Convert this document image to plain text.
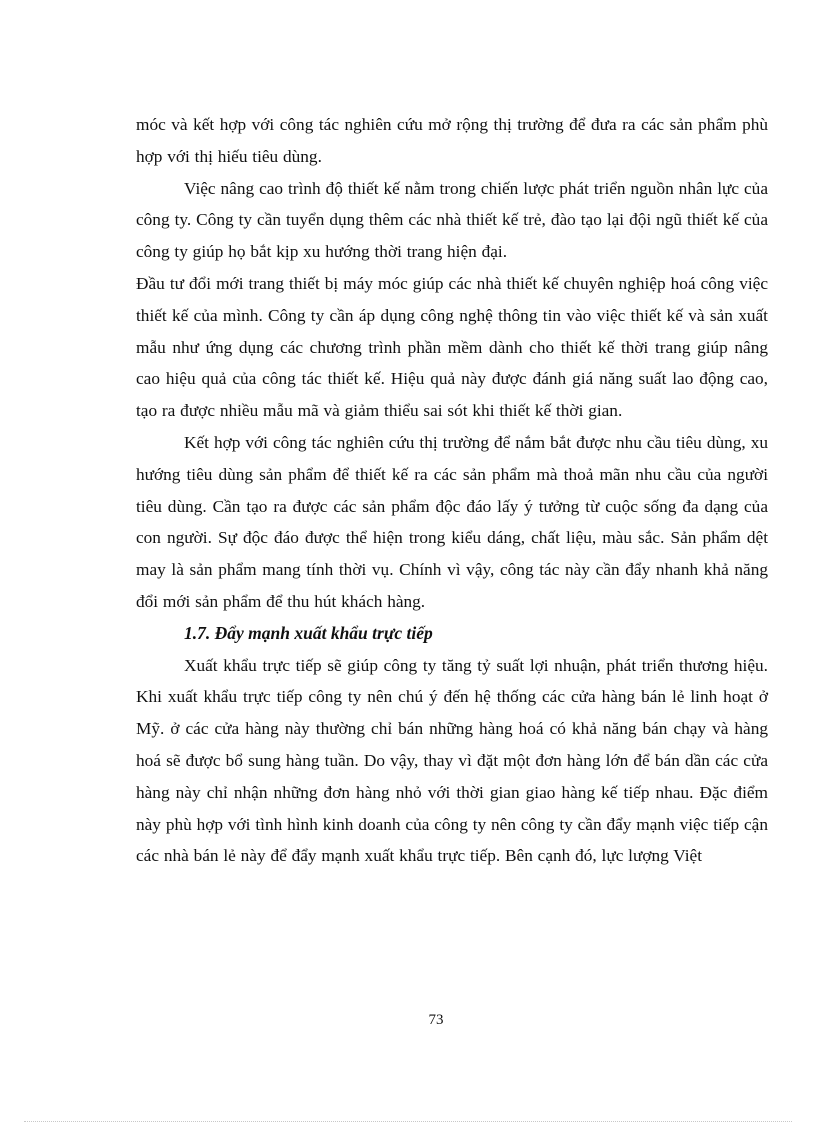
móc và kết hợp với công tác nghiên cứu mở rộng thị trường để đưa ra các sản phẩm phù hợp với thị hiếu tiêu dùng.

Việc nâng cao trình độ thiết kế nằm trong chiến lược phát triển nguồn nhân lực của công ty. Công ty cần tuyển dụng thêm các nhà thiết kế trẻ, đào tạo lại đội ngũ thiết kế của công ty giúp họ bắt kịp xu hướng thời trang hiện đại.

Đầu tư đổi mới trang thiết bị máy móc giúp các nhà thiết kế chuyên nghiệp hoá công việc thiết kế của mình. Công ty cần áp dụng công nghệ thông tin vào việc thiết kế và sản xuất mẫu như ứng dụng các chương trình phần mềm dành cho thiết kế thời trang giúp nâng cao hiệu quả của công tác thiết kế. Hiệu quả này được đánh giá năng suất lao động cao, tạo ra được nhiều mẫu mã và giảm thiểu sai sót khi thiết kế thời gian.

Kết hợp với công tác nghiên cứu thị trường để nắm bắt được nhu cầu tiêu dùng, xu hướng tiêu dùng sản phẩm để thiết kế ra các sản phẩm mà thoả mãn nhu cầu của người tiêu dùng. Cần tạo ra được các sản phẩm độc đáo lấy ý tưởng từ cuộc sống đa dạng của con người. Sự độc đáo được thể hiện trong kiểu dáng, chất liệu, màu sắc. Sản phẩm dệt may là sản phẩm mang tính thời vụ. Chính vì vậy, công tác này cần đẩy nhanh khả năng đổi mới sản phẩm để thu hút khách hàng.

1.7. Đẩy mạnh xuất khẩu trực tiếp

Xuất khẩu trực tiếp sẽ giúp công ty tăng tỷ suất lợi nhuận, phát triển thương hiệu. Khi xuất khẩu trực tiếp công ty nên chú ý đến hệ thống các cửa hàng bán lẻ linh hoạt ở Mỹ. ở các cửa hàng này thường chỉ bán những hàng hoá có khả năng bán chạy và hàng hoá sẽ được bổ sung hàng tuần. Do vậy, thay vì đặt một đơn hàng lớn để bán dần các cửa hàng này chỉ nhận những đơn hàng nhỏ với thời gian giao hàng kế tiếp nhau. Đặc điểm này phù hợp với tình hình kinh doanh của công ty nên công ty cần đẩy mạnh việc tiếp cận các nhà bán lẻ này để đẩy mạnh xuất khẩu trực tiếp. Bên cạnh đó, lực lượng Việt

73
